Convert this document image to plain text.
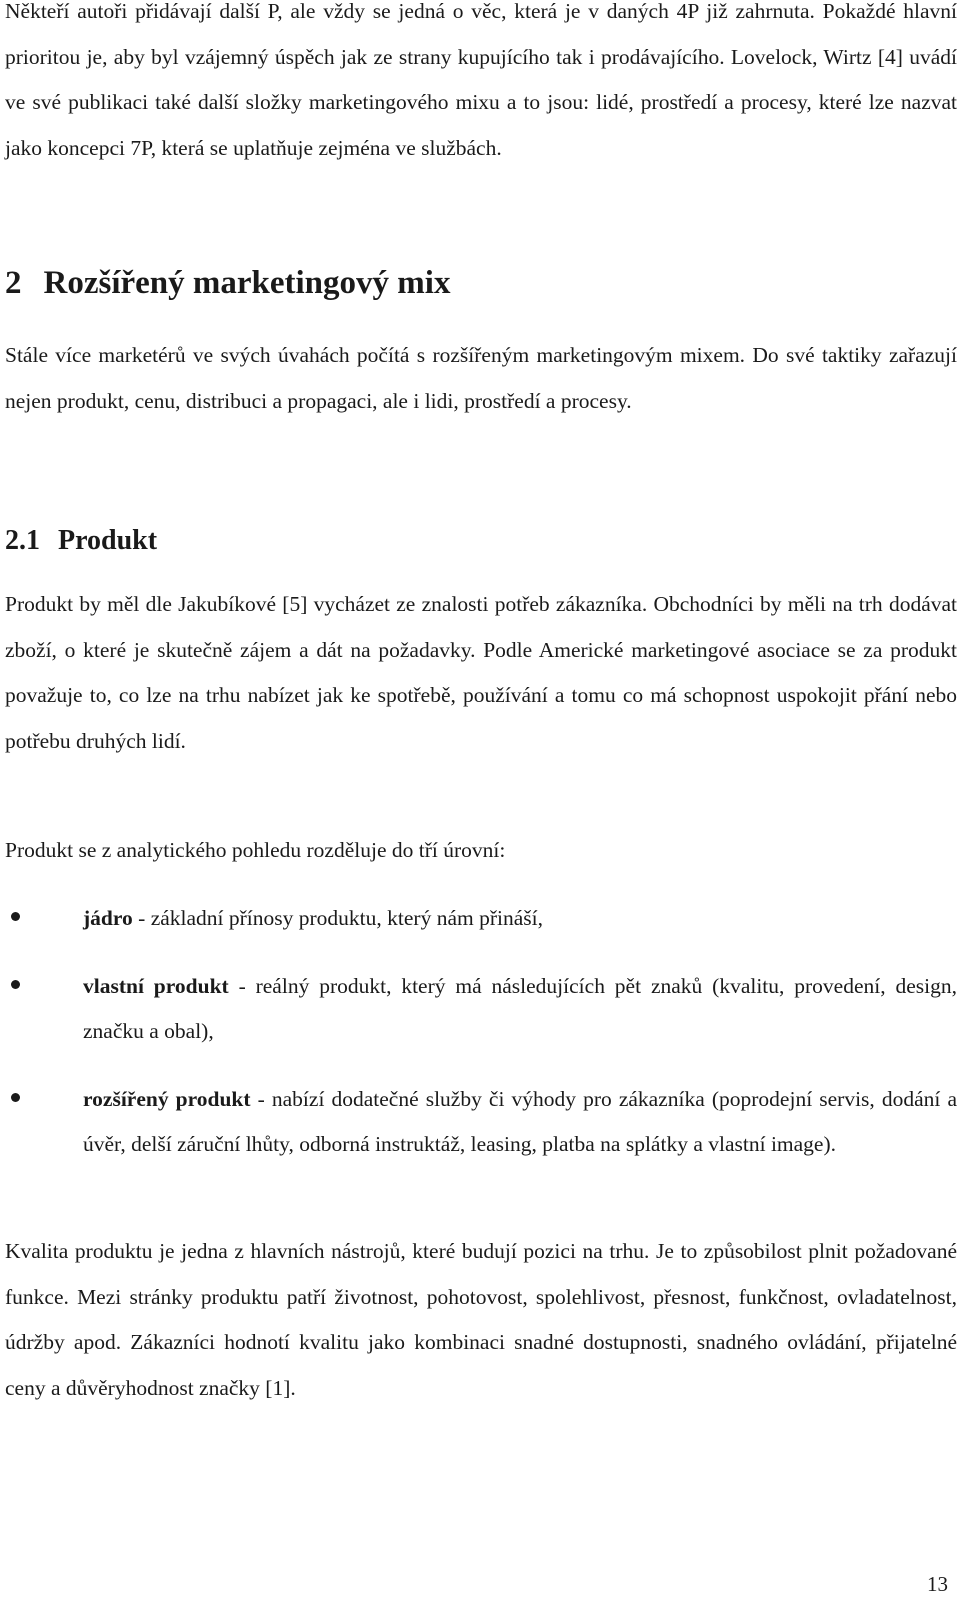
Někteří autoři přidávají další P, ale vždy se jedná o věc, která je v daných 4P již zahrnuta. Pokaždé hlavní prioritou je, aby byl vzájemný úspěch jak ze strany kupujícího tak i prodávajícího. Lovelock, Wirtz [4] uvádí ve své publikaci také další složky marketingového mixu a to jsou: lidé, prostředí a procesy, které lze nazvat jako koncepci 7P, která se uplatňuje zejména ve službách.

2 Rozšířený marketingový mix

Stále více marketérů ve svých úvahách počítá s rozšířeným marketingovým mixem. Do své taktiky zařazují nejen produkt, cenu, distribuci a propagaci, ale i lidi, prostředí a procesy.

2.1 Produkt

Produkt by měl dle Jakubíkové [5] vycházet ze znalosti potřeb zákazníka. Obchodníci by měli na trh dodávat zboží, o které je skutečně zájem a dát na požadavky. Podle Americké marketingové asociace se za produkt považuje to, co lze na trhu nabízet jak ke spotřebě, používání a tomu co má schopnost uspokojit přání nebo potřebu druhých lidí.

Produkt se z analytického pohledu rozděluje do tří úrovní:

jádro - základní přínosy produktu, který nám přináší,
vlastní produkt - reálný produkt, který má následujících pět znaků (kvalitu, provedení, design, značku a obal),
rozšířený produkt - nabízí dodatečné služby či výhody pro zákazníka (poprodejní servis, dodání a úvěr, delší záruční lhůty, odborná instruktáž, leasing, platba na splátky a vlastní image).

Kvalita produktu je jedna z hlavních nástrojů, které budují pozici na trhu. Je to způsobilost plnit požadované funkce. Mezi stránky produktu patří životnost, pohotovost, spolehlivost, přesnost, funkčnost, ovladatelnost, údržby apod. Zákazníci hodnotí kvalitu jako kombinaci snadné dostupnosti, snadného ovládání, přijatelné ceny a důvěryhodnost značky [1].

13
